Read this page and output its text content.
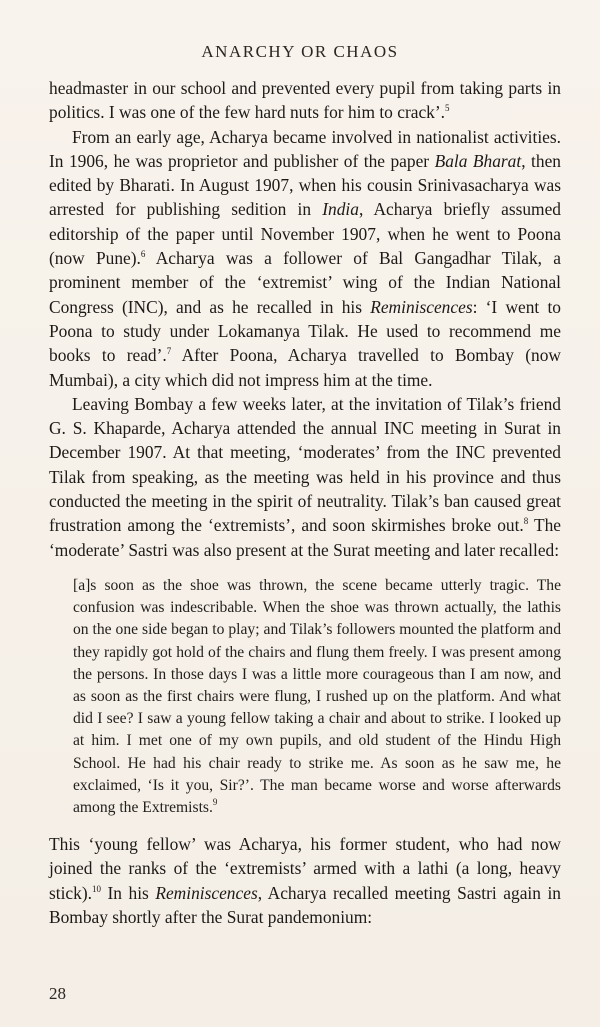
ANARCHY OR CHAOS

headmaster in our school and prevented every pupil from taking parts in politics. I was one of the few hard nuts for him to crack’.$^5$

From an early age, Acharya became involved in nationalist activities. In 1906, he was proprietor and publisher of the paper Bala Bharat, then edited by Bharati. In August 1907, when his cousin Srinivasacharya was arrested for publishing sedition in India, Acharya briefly assumed editorship of the paper until November 1907, when he went to Poona (now Pune).$^6$ Acharya was a follower of Bal Gangadhar Tilak, a prominent member of the ‘extremist’ wing of the Indian National Congress (INC), and as he recalled in his Reminiscences: ‘I went to Poona to study under Lokamanya Tilak. He used to recommend me books to read’.$^7$ After Poona, Acharya travelled to Bombay (now Mumbai), a city which did not impress him at the time.

Leaving Bombay a few weeks later, at the invitation of Tilak’s friend G. S. Khaparde, Acharya attended the annual INC meeting in Surat in December 1907. At that meeting, ‘moderates’ from the INC prevented Tilak from speaking, as the meeting was held in his province and thus conducted the meeting in the spirit of neutrality. Tilak’s ban caused great frustration among the ‘extremists’, and soon skirmishes broke out.$^8$ The ‘moderate’ Sastri was also present at the Surat meeting and later recalled:

[a]s soon as the shoe was thrown, the scene became utterly tragic. The confusion was indescribable. When the shoe was thrown actually, the lathis on the one side began to play; and Tilak’s followers mounted the platform and they rapidly got hold of the chairs and flung them freely. I was present among the persons. In those days I was a little more courageous than I am now, and as soon as the first chairs were flung, I rushed up on the platform. And what did I see? I saw a young fellow taking a chair and about to strike. I looked up at him. I met one of my own pupils, and old student of the Hindu High School. He had his chair ready to strike me. As soon as he saw me, he exclaimed, ‘Is it you, Sir?’. The man became worse and worse afterwards among the Extremists.$^9$

This ‘young fellow’ was Acharya, his former student, who had now joined the ranks of the ‘extremists’ armed with a lathi (a long, heavy stick).$^{10}$ In his Reminiscences, Acharya recalled meeting Sastri again in Bombay shortly after the Surat pandemonium:

28
